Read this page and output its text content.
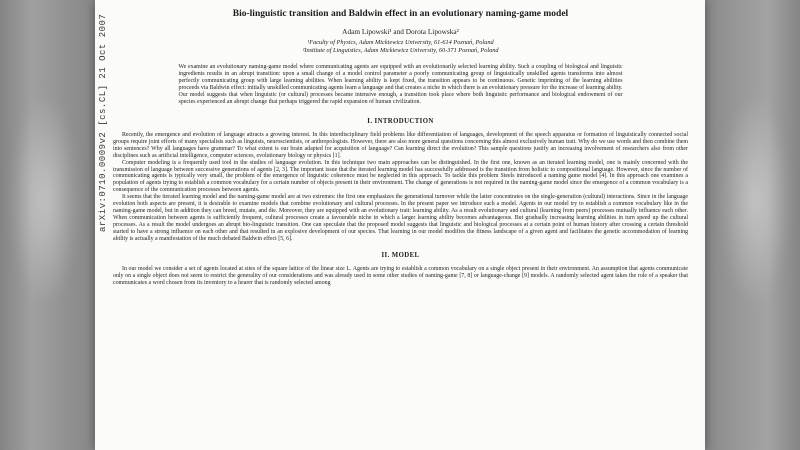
arXiv:0710.0009v2 [cs.CL] 21 Oct 2007	Bio-linguistic transition and Baldwin effect in an evolutionary naming-game model
Adam Lipowski¹ and Dorota Lipowska²
¹Faculty of Physics, Adam Mickiewicz University, 61-614 Poznań, Poland
²Institute of Linguistics, Adam Mickiewicz University, 60-371 Poznań, Poland
We examine an evolutionary naming-game model where communicating agents are equipped with an evolutionarily selected learning ability. Such a coupling of biological and linguistic ingredients results in an abrupt transition: upon a small change of a model control parameter a poorly communicating group of linguistically unskilled agents transforms into almost perfectly communicating group with large learning abilities. When learning ability is kept fixed, the transition appears to be continuous. Genetic imprinting of the learning abilities proceeds via Baldwin effect: initially unskilled communicating agents learn a language and that creates a niche in which there is an evolutionary pressure for the increase of learning ability. Our model suggests that when linguistic (or cultural) processes became intensive enough, a transition took place where both linguistic performance and biological endowment of our species experienced an abrupt change that perhaps triggered the rapid expansion of human civilization.
I. INTRODUCTION

Recently, the emergence and evolution of language attracts a growing interest. In this interdisciplinary field problems like differentiation of languages, development of the speech apparatus or formation of linguistically connected social groups require joint efforts of many specialists such as linguists, neuroscientists, or anthropologists. However, there are also more general questions concerning this almost exclusively human trait. Why do we use words and then combine them into sentences? Why all languages have grammar? To what extent is our brain adapted for acquisition of language? Can learning direct the evolution? This sample questions justify an increasing involvement of researchers also from other disciplines such as artificial intelligence, computer sciences, evolutionary biology or physics [1].

Computer modeling is a frequently used tool in the studies of language evolution. In this technique two main approaches can be distinguished. In the first one, known as an iterated learning model, one is mainly concerned with the transmission of language between successive generations of agents [2, 3]. The important issue that the iterated learning model has successfully addressed is the transition from holistic to compositional language. However, since the number of communicating agents is typically very small, the problem of the emergence of linguistic coherence must be neglected in this approach. To tackle this problem Steels introduced a naming game model [4]. In this approach one examines a population of agents trying to establish a common vocabulary for a certain number of objects present in their environment. The change of generations is not required in the naming-game model since the emergence of a common vocabulary is a consequence of the communication processes between agents.

It seems that the iterated learning model and the naming-game model are at two extremes: the first one emphasizes the generational turnover while the latter concentrates on the single-generation (cultural) interactions. Since in the language evolution both aspects are present, it is desirable to examine models that combine evolutionary and cultural processes. In the present paper we introduce such a model. Agents in our model try to establish a common vocabulary like in the naming-game model, but in addition they can breed, mutate, and die. Moreover, they are equipped with an evolutionary trait: learning ability. As a result evolutionary and cultural (learning from peers) processes mutually influence each other. When communication between agents is sufficiently frequent, cultural processes create a favourable niche in which a larger learning ability becomes advantageous. But gradually increasing learning abilities in turn speed up the cultural processes. As a result the model undergoes an abrupt bio-linguistic transition. One can speculate that the proposed model suggests that linguistic and biological processes at a certain point of human history after crossing a certain threshold started to have a strong influence on each other and that resulted in an explosive development of our species. That learning in our model modifies the fitness landscape of a given agent and facilitates the genetic accommodation of learning ability is actually a manifestation of the much debated Baldwin effect [5, 6].

II. MODEL

In our model we consider a set of agents located at sites of the square lattice of the linear size L. Agents are trying to establish a common vocabulary on a single object present in their environment. An assumption that agents communicate only on a single object does not seem to restrict the generality of our considerations and was already used in some other studies of naming-game [7, 8] or language-change [9] models. A randomly selected agent takes the role of a speaker that communicates a word chosen from its inventory to a hearer that is randomly selected among
